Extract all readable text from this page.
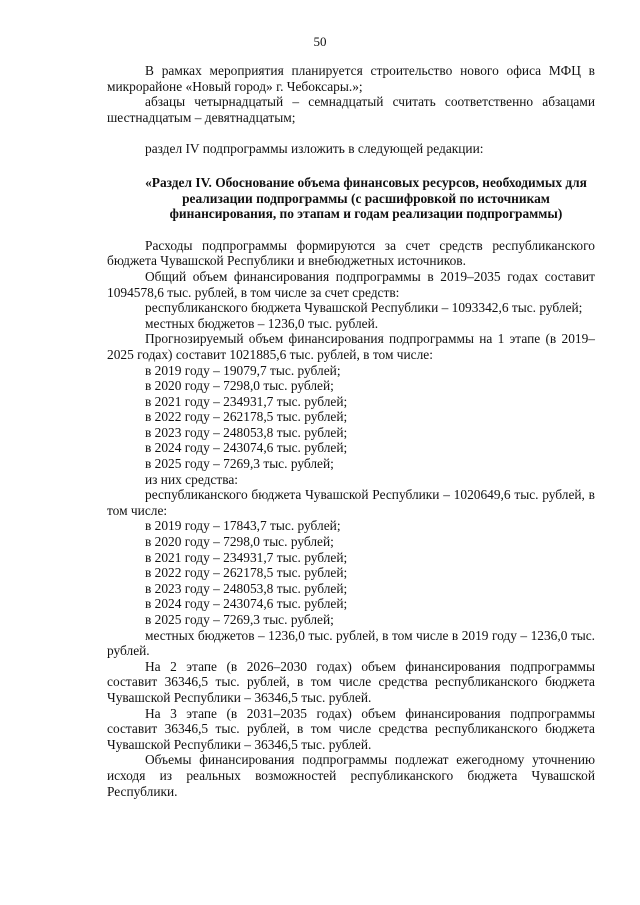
50

В рамках мероприятия планируется строительство нового офиса МФЦ в микрорайоне «Новый город» г. Чебоксары.»;

абзацы четырнадцатый – семнадцатый считать соответственно абзацами шестнадцатым – девятнадцатым;

раздел IV подпрограммы изложить в следующей редакции:

«Раздел IV. Обоснование объема финансовых ресурсов, необходимых для реализации подпрограммы (с расшифровкой по источникам финансирования, по этапам и годам реализации подпрограммы)

Расходы подпрограммы формируются за счет средств республиканского бюджета Чувашской Республики и внебюджетных источников.

Общий объем финансирования подпрограммы в 2019–2035 годах составит 1094578,6 тыс. рублей, в том числе за счет средств:

республиканского бюджета Чувашской Республики – 1093342,6 тыс. рублей;

местных бюджетов – 1236,0 тыс. рублей.

Прогнозируемый объем финансирования подпрограммы на 1 этапе (в 2019–2025 годах) составит 1021885,6 тыс. рублей, в том числе:

в 2019 году – 19079,7 тыс. рублей;

в 2020 году – 7298,0 тыс. рублей;

в 2021 году – 234931,7 тыс. рублей;

в 2022 году – 262178,5 тыс. рублей;

в 2023 году – 248053,8 тыс. рублей;

в 2024 году – 243074,6 тыс. рублей;

в 2025 году – 7269,3 тыс. рублей;

из них средства:

республиканского бюджета Чувашской Республики – 1020649,6 тыс. рублей, в том числе:

в 2019 году – 17843,7 тыс. рублей;

в 2020 году – 7298,0 тыс. рублей;

в 2021 году – 234931,7 тыс. рублей;

в 2022 году – 262178,5 тыс. рублей;

в 2023 году – 248053,8 тыс. рублей;

в 2024 году – 243074,6 тыс. рублей;

в 2025 году – 7269,3 тыс. рублей;

местных бюджетов – 1236,0 тыс. рублей, в том числе в 2019 году – 1236,0 тыс. рублей.

На 2 этапе (в 2026–2030 годах) объем финансирования подпрограммы составит 36346,5 тыс. рублей, в том числе средства республиканского бюджета Чувашской Республики – 36346,5 тыс. рублей.

На 3 этапе (в 2031–2035 годах) объем финансирования подпрограммы составит 36346,5 тыс. рублей, в том числе средства республиканского бюджета Чувашской Республики – 36346,5 тыс. рублей.

Объемы финансирования подпрограммы подлежат ежегодному уточнению исходя из реальных возможностей республиканского бюджета Чувашской Республики.
